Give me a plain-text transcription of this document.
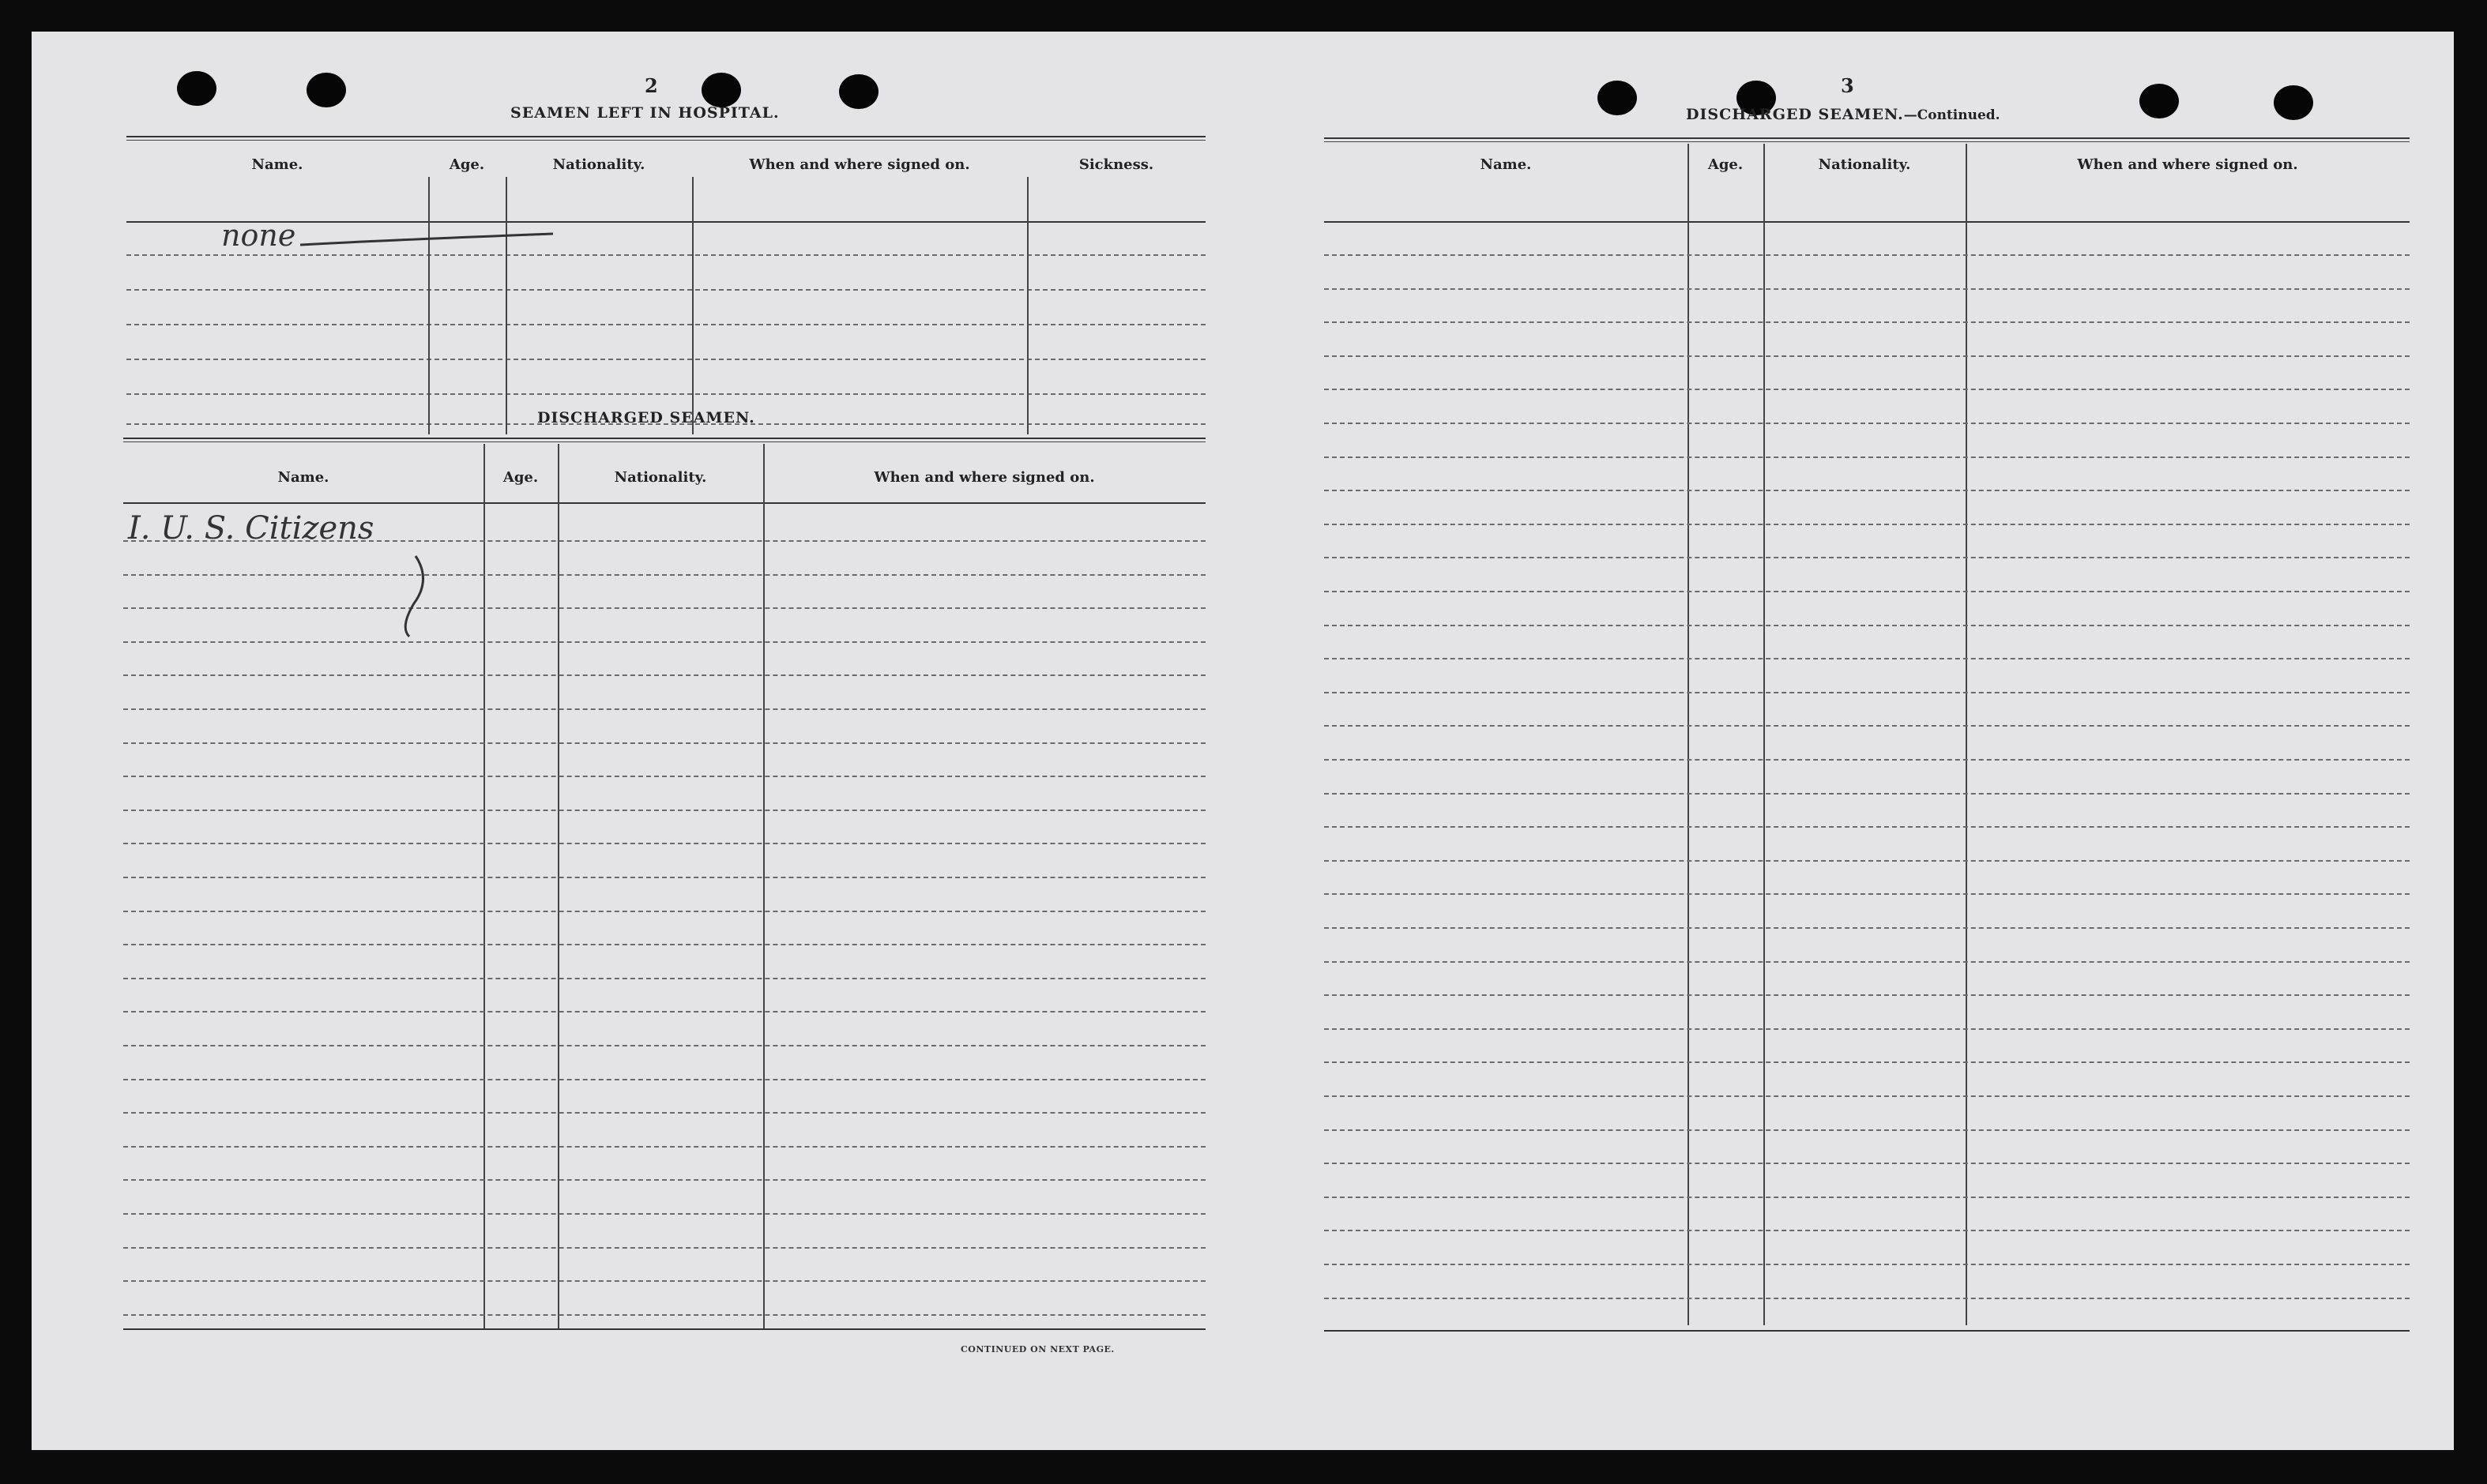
2
SEAMEN LEFT IN HOSPITAL.
Name.	Age.	Nationality.	When and where signed on.	Sickness.
none
DISCHARGED SEAMEN.
Name.	Age.	Nationality.	When and where signed on.
I. U. S. Citizens
CONTINUED ON NEXT PAGE.
3
DISCHARGED SEAMEN.—Continued.
Name.	Age.	Nationality.	When and where signed on.
